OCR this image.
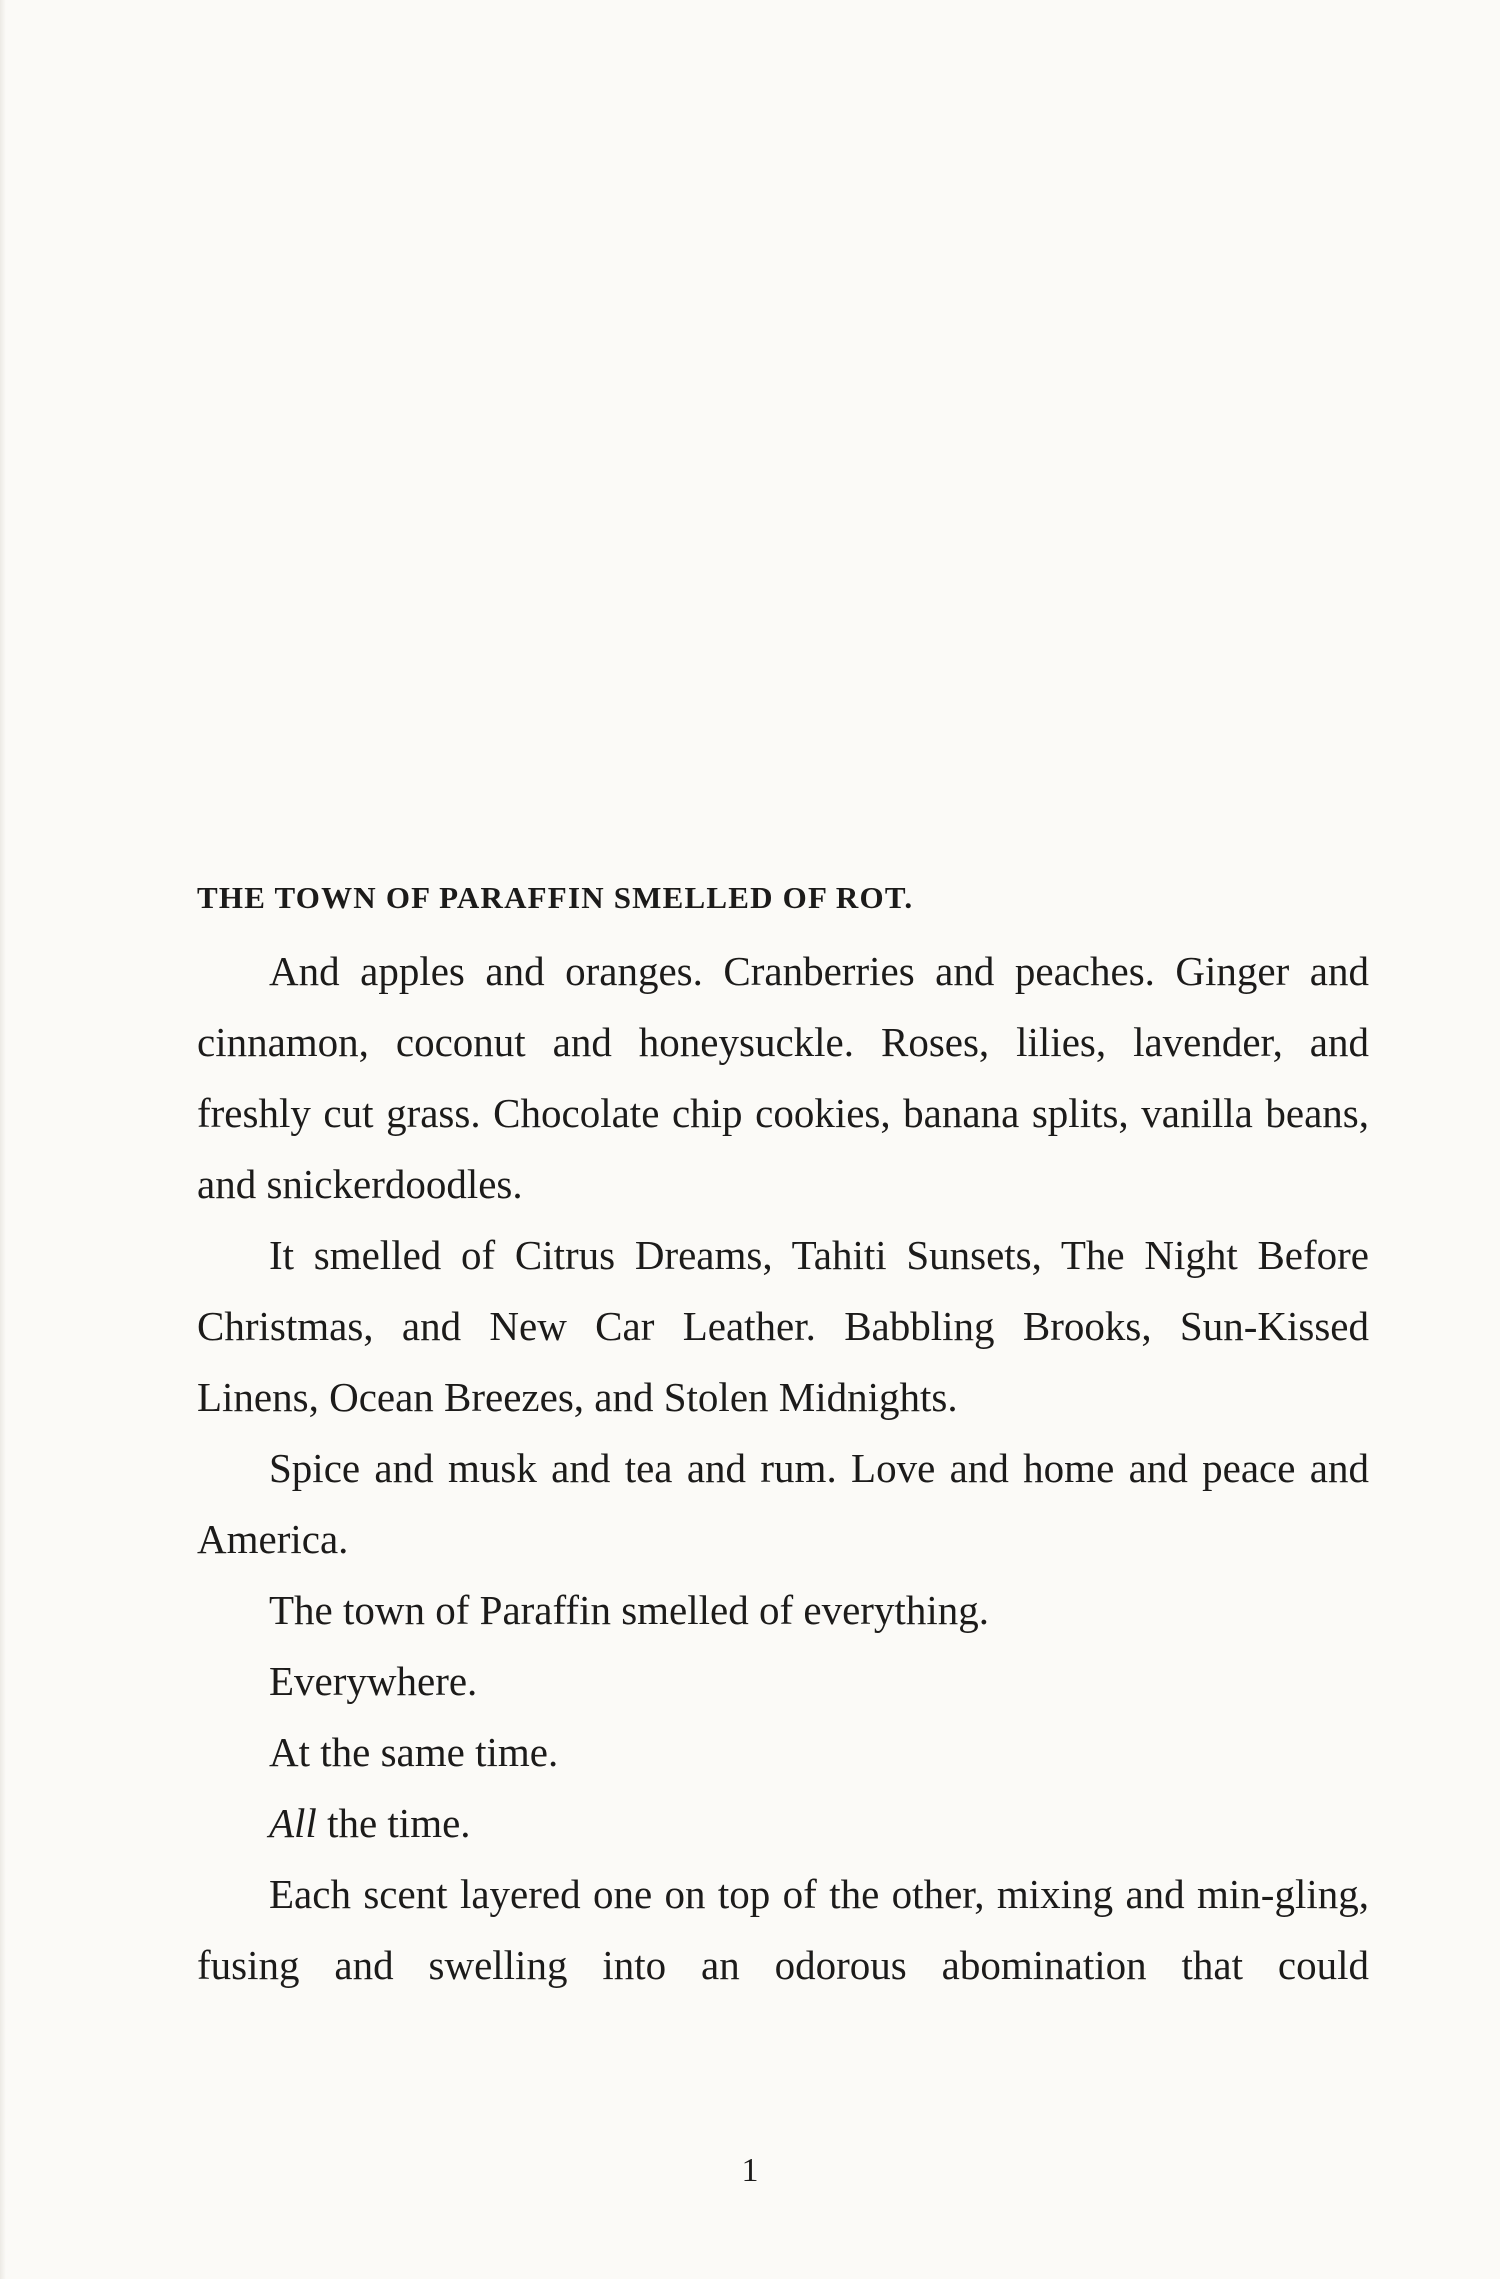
THE TOWN OF PARAFFIN SMELLED OF ROT.

And apples and oranges. Cranberries and peaches. Ginger and cinnamon, coconut and honeysuckle. Roses, lilies, lavender, and freshly cut grass. Chocolate chip cookies, banana splits, vanilla beans, and snickerdoodles.

It smelled of Citrus Dreams, Tahiti Sunsets, The Night Before Christmas, and New Car Leather. Babbling Brooks, Sun-Kissed Linens, Ocean Breezes, and Stolen Midnights.

Spice and musk and tea and rum. Love and home and peace and America.

The town of Paraffin smelled of everything.

Everywhere.

At the same time.

All the time.

Each scent layered one on top of the other, mixing and min-gling, fusing and swelling into an odorous abomination that could

1
